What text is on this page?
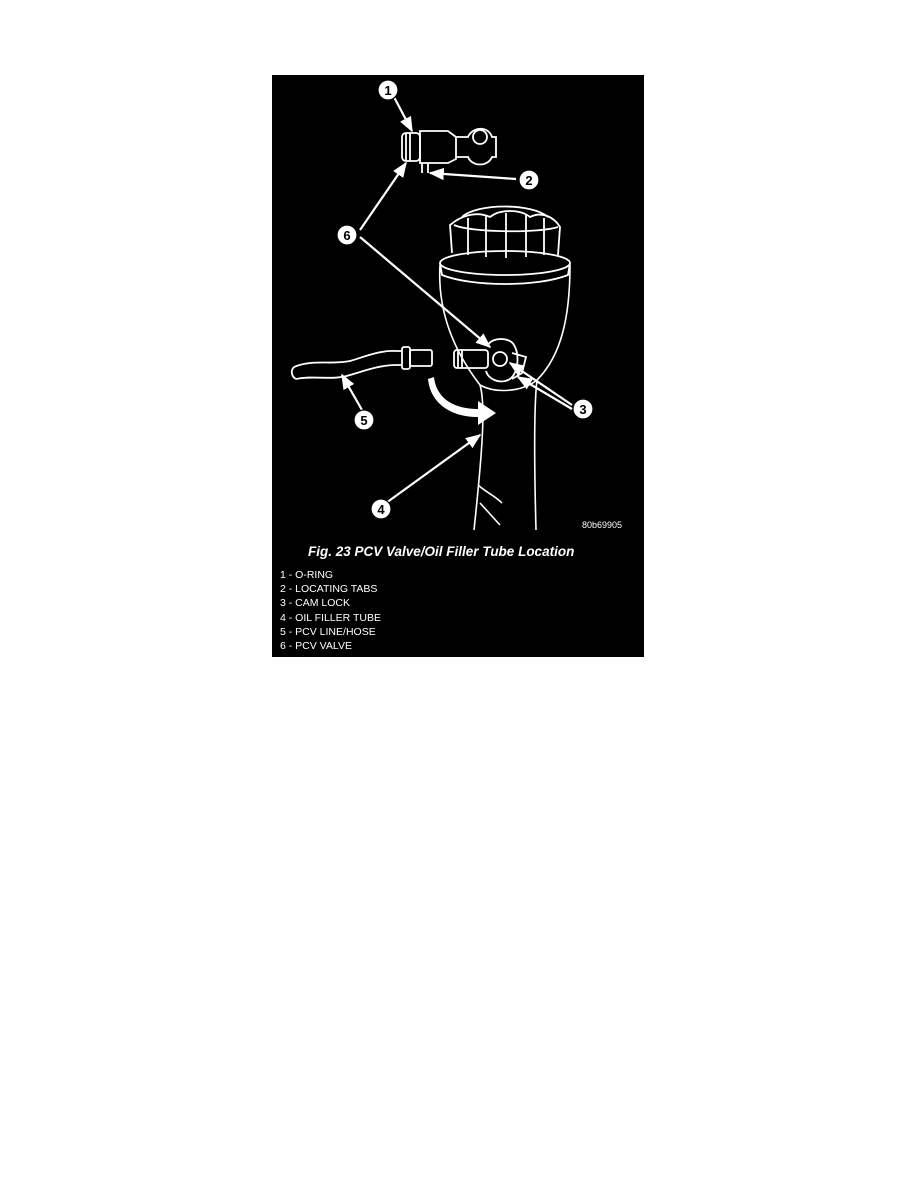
1
2
3
4
5
6
80b69905
Fig. 23 PCV Valve/Oil Filler Tube Location
1 - O-RING
2 - LOCATING TABS
3 - CAM LOCK
4 - OIL FILLER TUBE
5 - PCV LINE/HOSE
6 - PCV VALVE
